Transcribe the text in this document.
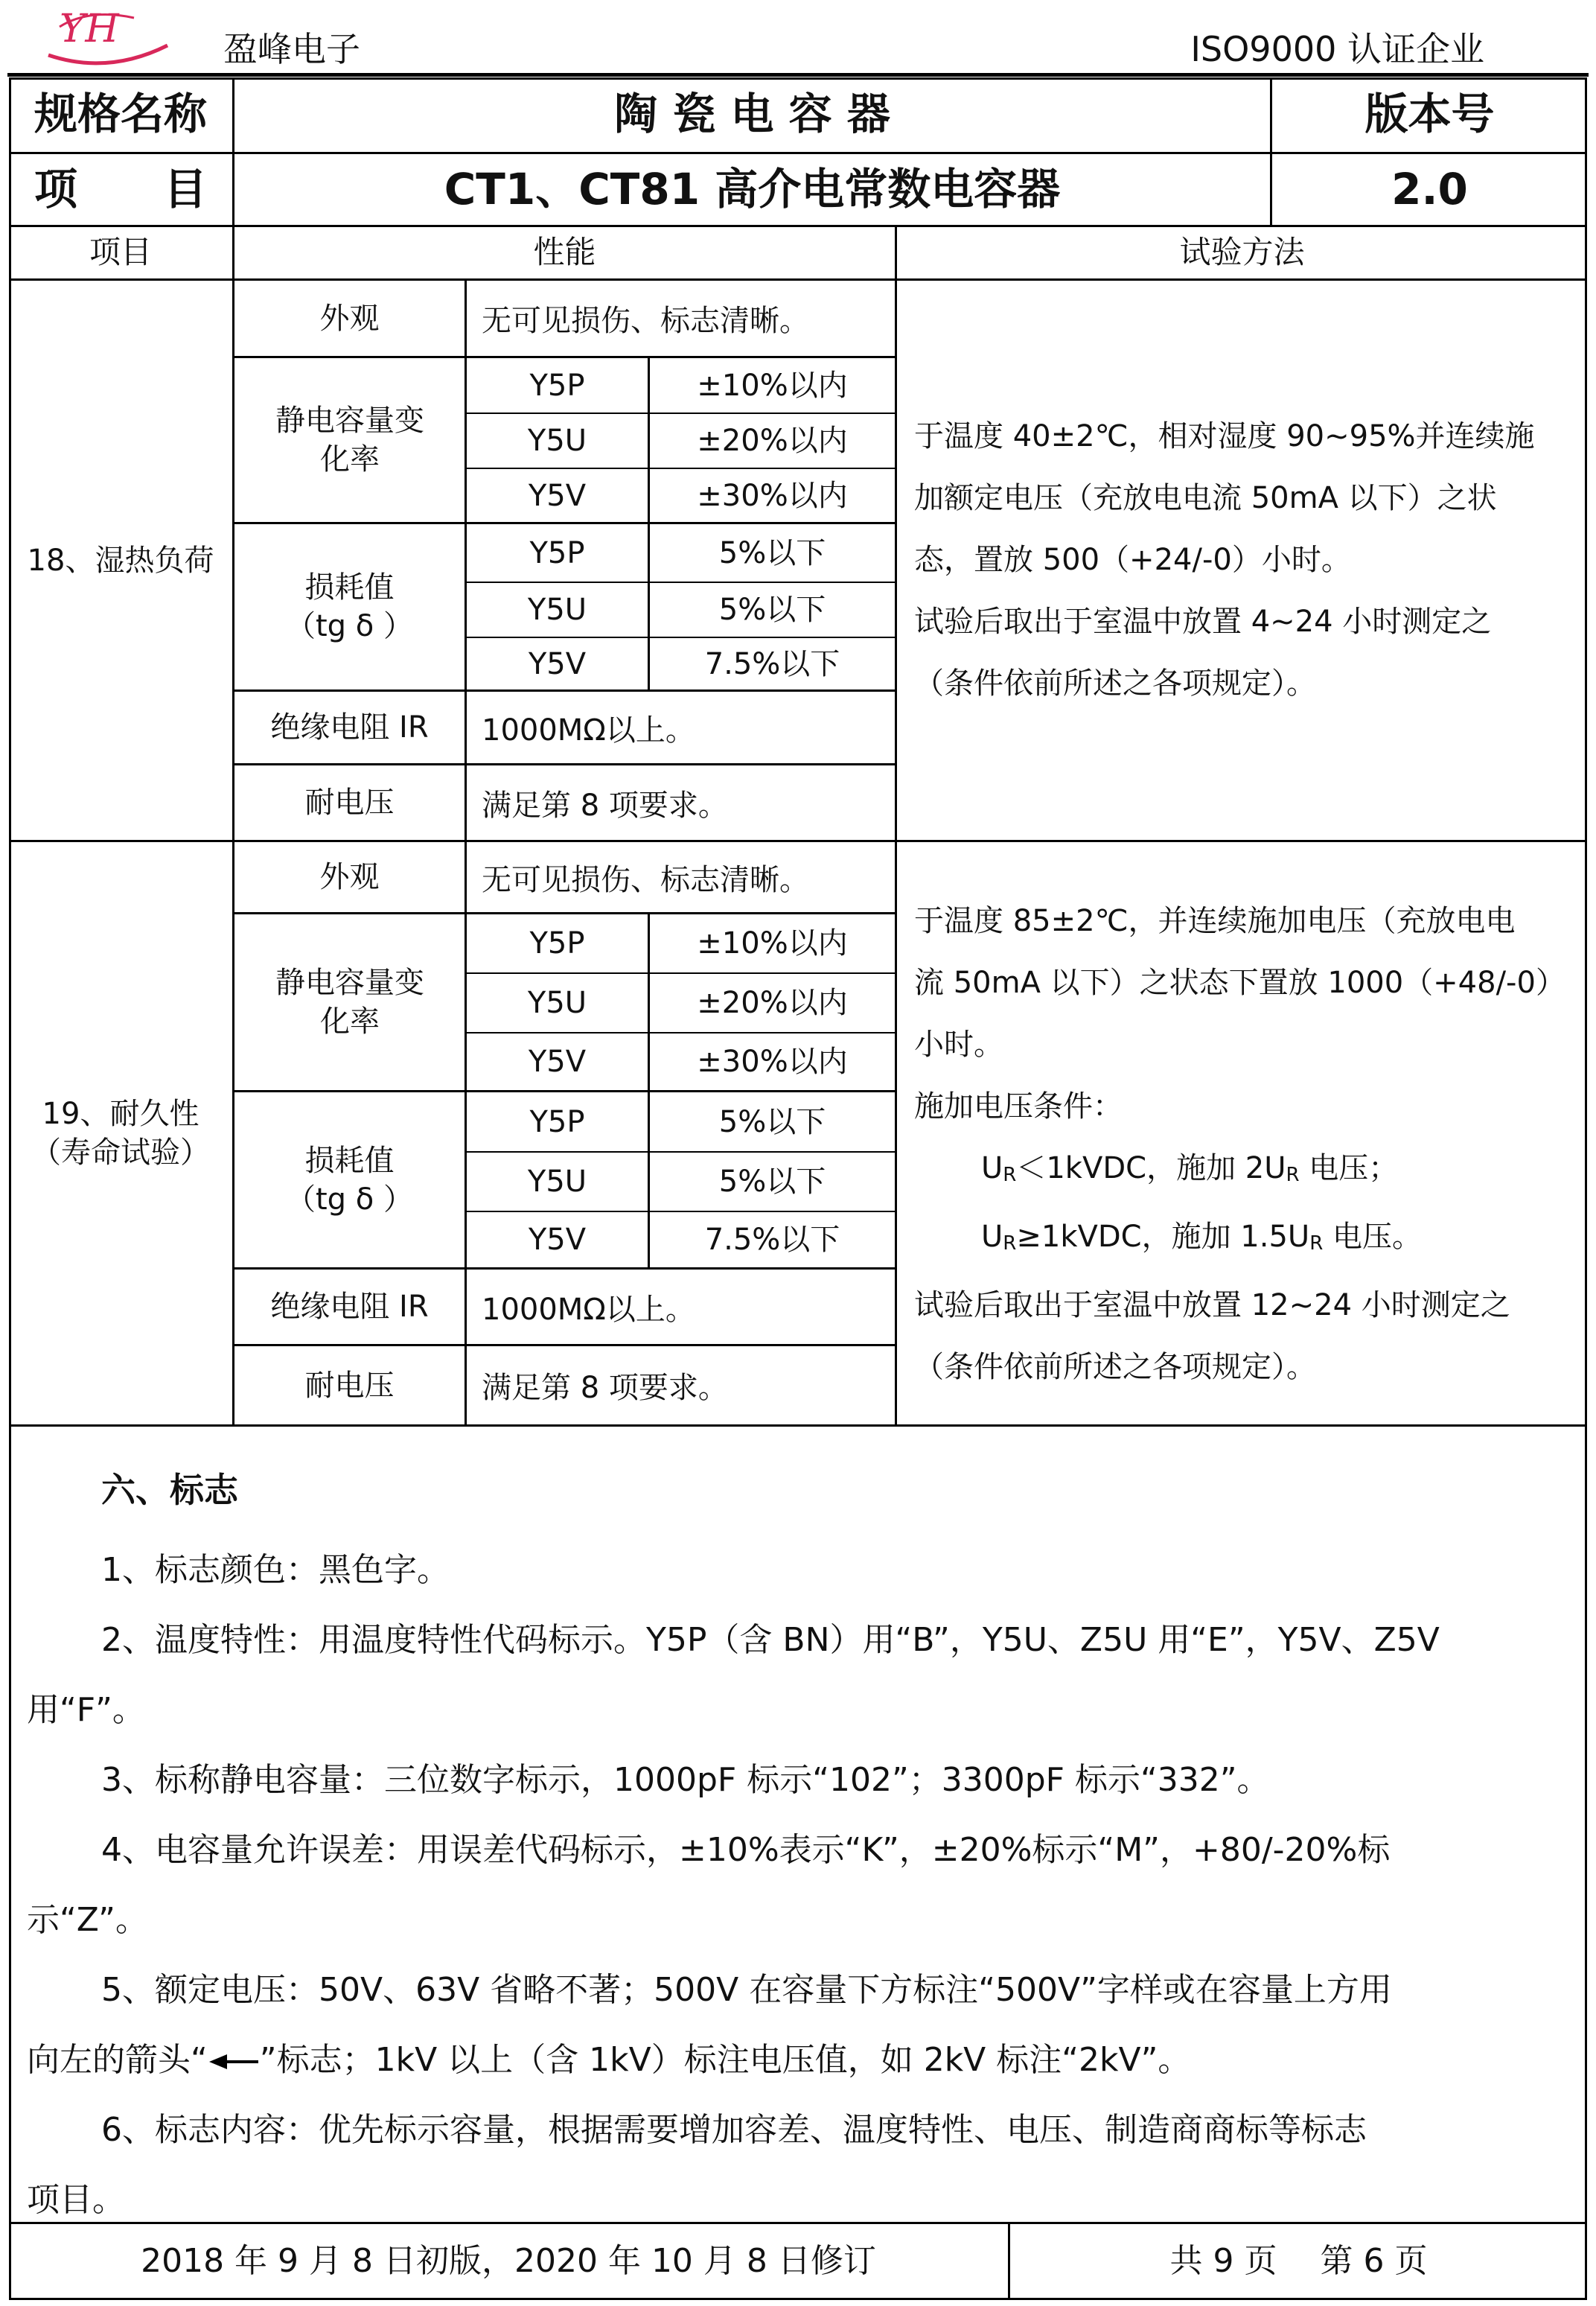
YH	盈峰电子	ISO9000 认证企业
规格名称	陶 瓷 电 容 器	版本号
项　　目	CT1、CT81 高介电常数电容器	2.0
项目	性能	试验方法
18、湿热负荷
外观	无可见损伤、标志清晰。
静电容量变化率
Y5P	±10%以内
Y5U	±20%以内
Y5V	±30%以内
损耗值
（tg δ ）
Y5P	5%以下
Y5U	5%以下
Y5V	7.5%以下
绝缘电阻 IR	1000MΩ以上。
耐电压	满足第 8 项要求。
于温度 40±2℃，相对湿度 90~95%并连续施
加额定电压（充放电电流 50mA 以下）之状
态，置放 500（+24/-0）小时。
试验后取出于室温中放置 4~24 小时测定之
（条件依前所述之各项规定）。
19、耐久性
（寿命试验）
外观	无可见损伤、标志清晰。
静电容量变化率
Y5P	±10%以内
Y5U	±20%以内
Y5V	±30%以内
损耗值
（tg δ ）
Y5P	5%以下
Y5U	5%以下
Y5V	7.5%以下
绝缘电阻 IR	1000MΩ以上。
耐电压	满足第 8 项要求。
于温度 85±2℃，并连续施加电压（充放电电
流 50mA 以下）之状态下置放 1000（+48/-0）
小时。
施加电压条件：
$U_R<1kVDC$，施加 $2U_R$ 电压；
$U_R\ge 1kVDC$，施加 $1.5U_R$ 电压。
试验后取出于室温中放置 12~24 小时测定之
（条件依前所述之各项规定）。
六、标志
1、标志颜色：黑色字。
2、温度特性：用温度特性代码标示。Y5P（含 BN）用“B”，Y5U、Z5U 用“E”，Y5V、Z5V
用“F”。
3、标称静电容量：三位数字标示，1000pF 标示“102”；3300pF 标示“332”。
4、电容量允许误差：用误差代码标示，±10%表示“K”，±20%标示“M”，+80/-20%标
示“Z”。
5、额定电压：50V、63V 省略不著；500V 在容量下方标注“500V”字样或在容量上方用
向左的箭头“ ”标志；1kV 以上（含 1kV）标注电压值，如 2kV 标注“2kV”。
6、标志内容：优先标示容量，根据需要增加容差、温度特性、电压、制造商商标等标志
项目。
2018 年 9 月 8 日初版，2020 年 10 月 8 日修订	共 9 页　 第 6 页
